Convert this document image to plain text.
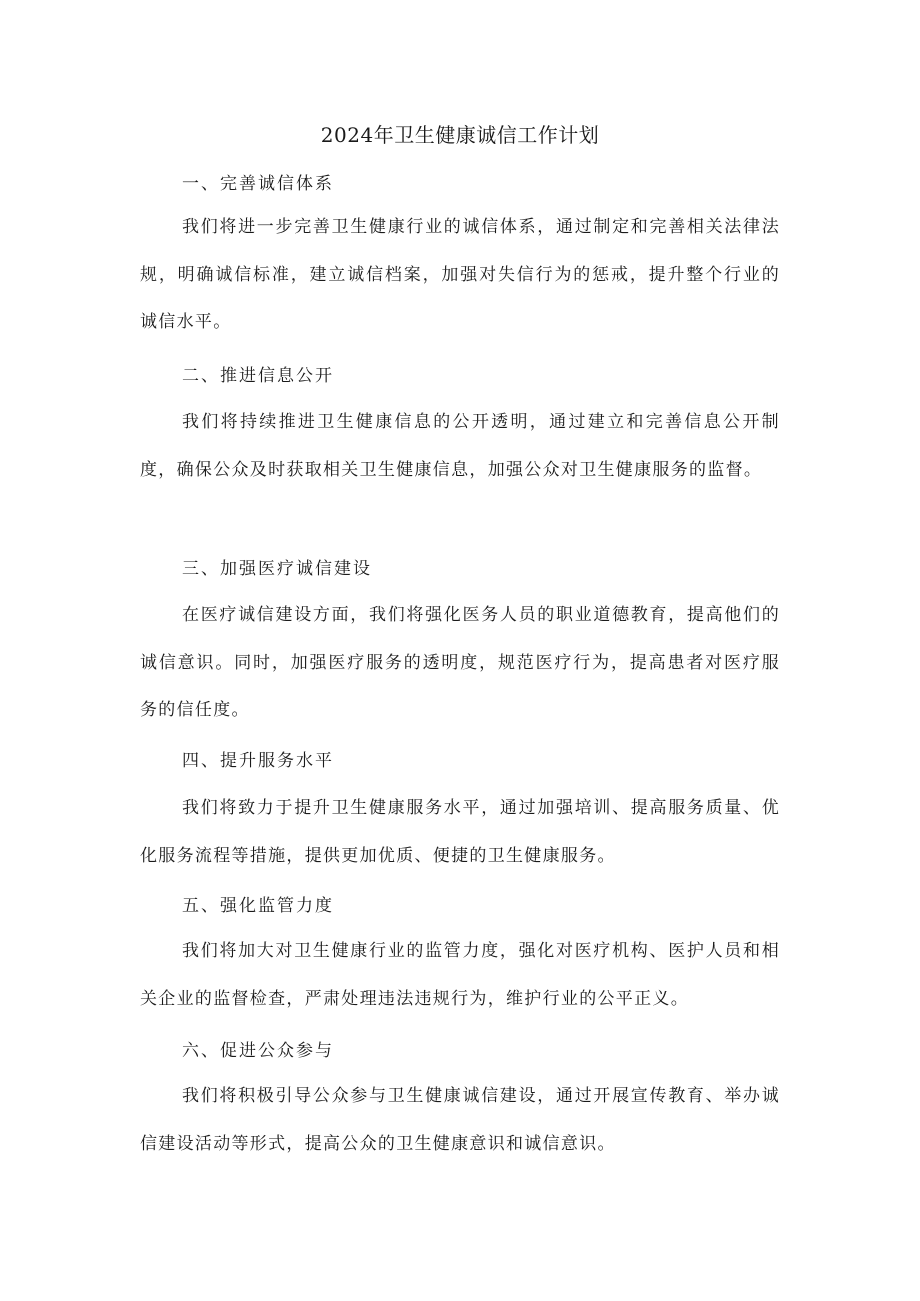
2024年卫生健康诚信工作计划
一、完善诚信体系

我们将进一步完善卫生健康行业的诚信体系，通过制定和完善相关法律法规，明确诚信标准，建立诚信档案，加强对失信行为的惩戒，提升整个行业的诚信水平。

二、推进信息公开

我们将持续推进卫生健康信息的公开透明，通过建立和完善信息公开制度，确保公众及时获取相关卫生健康信息，加强公众对卫生健康服务的监督。

三、加强医疗诚信建设

在医疗诚信建设方面，我们将强化医务人员的职业道德教育，提高他们的诚信意识。同时，加强医疗服务的透明度，规范医疗行为，提高患者对医疗服务的信任度。

四、提升服务水平

我们将致力于提升卫生健康服务水平，通过加强培训、提高服务质量、优化服务流程等措施，提供更加优质、便捷的卫生健康服务。

五、强化监管力度

我们将加大对卫生健康行业的监管力度，强化对医疗机构、医护人员和相关企业的监督检查，严肃处理违法违规行为，维护行业的公平正义。

六、促进公众参与

我们将积极引导公众参与卫生健康诚信建设，通过开展宣传教育、举办诚信建设活动等形式，提高公众的卫生健康意识和诚信意识。
